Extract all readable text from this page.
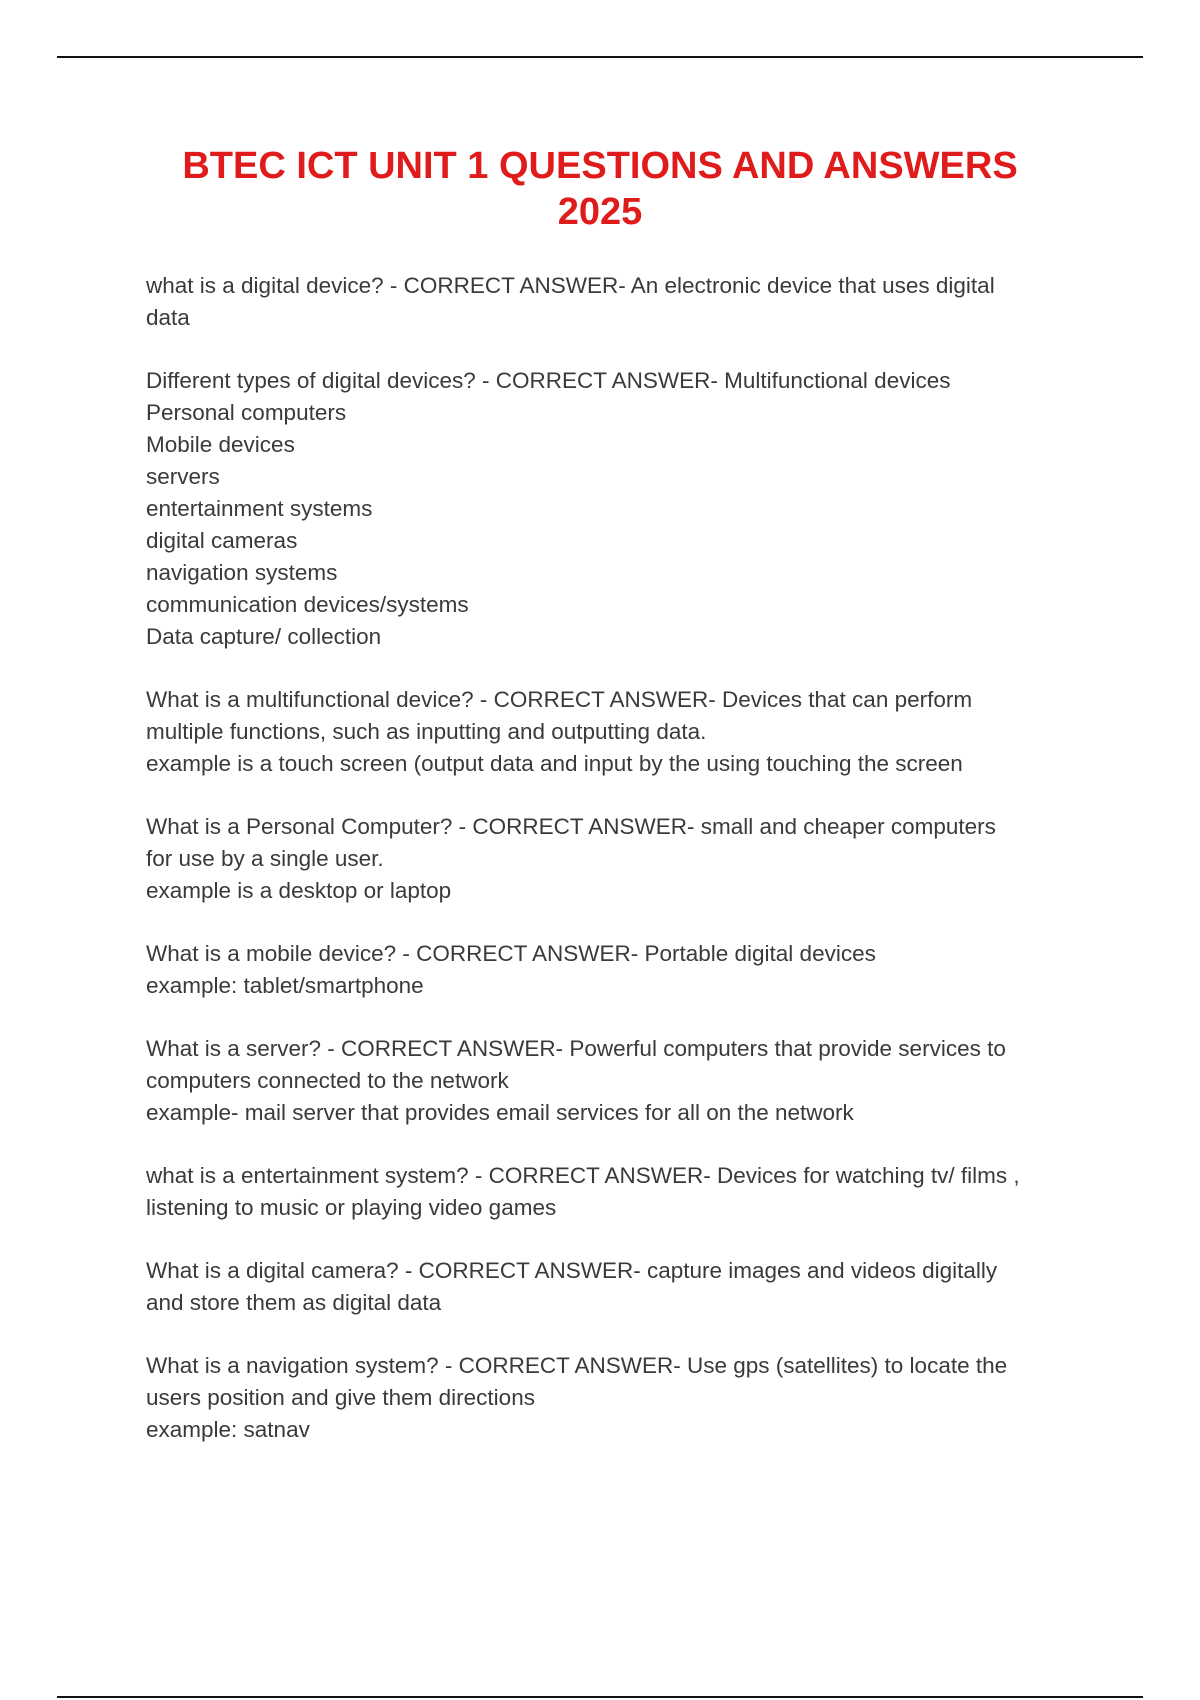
BTEC ICT UNIT 1 QUESTIONS AND ANSWERS
2025
what is a digital device? - CORRECT ANSWER- An electronic device that uses digital
data
Different types of digital devices? - CORRECT ANSWER- Multifunctional devices
Personal computers
Mobile devices
servers
entertainment systems
digital cameras
navigation systems
communication devices/systems
Data capture/ collection
What is a multifunctional device? - CORRECT ANSWER- Devices that can perform
multiple functions, such as inputting and outputting data.
example is a touch screen (output data and input by the using touching the screen
What is a Personal Computer? - CORRECT ANSWER- small and cheaper computers
for use by a single user.
example is a desktop or laptop
What is a mobile device? - CORRECT ANSWER- Portable digital devices
example: tablet/smartphone
What is a server? - CORRECT ANSWER- Powerful computers that provide services to
computers connected to the network
example- mail server that provides email services for all on the network
what is a entertainment system? - CORRECT ANSWER- Devices for watching tv/ films ,
listening to music or playing video games
What is a digital camera? - CORRECT ANSWER- capture images and videos digitally
and store them as digital data
What is a navigation system? - CORRECT ANSWER- Use gps (satellites) to locate the
users position and give them directions
example: satnav
